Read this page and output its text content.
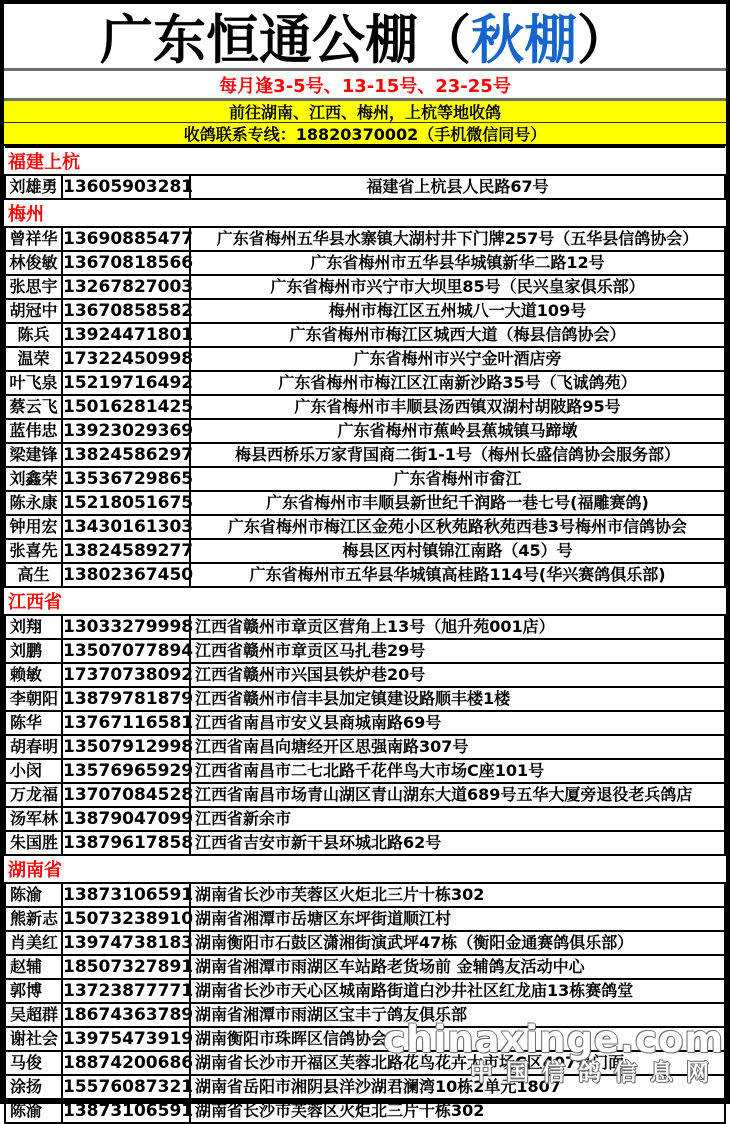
广东恒通公棚（ 秋棚 ）
每月逢3-5号、13-15号、23-25号
前往湖南、江西、梅州，上杭等地收鸽
收鸽联系专线：18820370002（手机微信同号）
福建上杭		
刘雄勇	13605903281	福建省上杭县人民路67号
梅州		
曾祥华	13690885477	广东省梅州五华县水寨镇大湖村井下门牌257号（五华县信鸽协会）
林俊敏	13670818566	广东省梅州市五华县华城镇新华二路12号
张思宇	13267827003	广东省梅州市兴宁市大坝里85号（民兴皇家俱乐部）
胡冠中	13670858582	梅州市梅江区五州城八一大道109号
陈兵	13924471801	广东省梅州市梅江区城西大道（梅县信鸽协会）
温荣	17322450998	广东省梅州市兴宁金叶酒店旁
叶飞泉	15219716492	广东省梅州市梅江区江南新沙路35号（飞诚鸽苑）
蔡云飞	15016281425	广东省梅州市丰顺县汤西镇双湖村胡陂路95号
蓝伟忠	13923029369	广东省梅州市蕉岭县蕉城镇马蹄墩
梁建锋	13824586297	梅县西桥乐万家背国商二街1-1号（梅州长盛信鸽协会服务部）
刘鑫荣	13536729865	广东省梅州市畲江
陈永康	15218051675	广东省梅州市丰顺县新世纪千润路一巷七号(福雕赛鸽)
钟用宏	13430161303	广东省梅州市梅江区金苑小区秋苑路秋苑西巷3号梅州市信鸽协会
张喜先	13824589277	梅县区丙村镇锦江南路（45）号
高生	13802367450	广东省梅州市五华县华城镇高桂路114号(华兴赛鸽俱乐部)
江西省		
刘翔	13033279998	江西省赣州市章贡区营角上13号（旭升苑001店）
刘鹏	13507077894	江西省赣州市章贡区马扎巷29号
赖敏	17370738092	江西省赣州市兴国县铁炉巷20号
李朝阳	13879781879	江西省赣州市信丰县加定镇建设路顺丰楼1楼
陈华	13767116581	江西省南昌市安义县商城南路69号
胡春明	13507912998	江西省南昌向塘经开区思强南路307号
小闵	13576965929	江西省南昌市二七北路千花伴鸟大市场C座101号
万龙福	13707084528	江西省南昌市场青山湖区青山湖东大道689号五华大厦旁退役老兵鸽店
汤军林	13879047099	江西省新余市
朱国胜	13879617858	江西省吉安市新干县环城北路62号
湖南省		
陈渝	13873106591	湖南省长沙市芙蓉区火炬北三片十栋302
熊新志	15073238910	湖南省湘潭市岳塘区东坪街道顺江村
肖美红	13974738183	湖南衡阳市石鼓区潇湘街演武坪47栋（衡阳金通赛鸽俱乐部）
赵辅	18507327891	湖南省湘潭市雨湖区车站路老货场前 金辅鸽友活动中心
郭博	13723877771	湖南省长沙市天心区城南路街道白沙井社区红龙庙13栋赛鸽堂
吴超群	18674363789	湖南省湘潭市雨湖区宝丰亍鸽友俱乐部
谢社会	13975473919	湖南衡阳市珠晖区信鸽协会
马俊	18874200686	湖南省长沙市开福区芙蓉北路花鸟花卉大市场C区407号门面
涂扬	15576087321	湖南省岳阳市湘阴县洋沙湖君澜湾10栋2单元1807
陈渝	13873106591	湖南省长沙市芙蓉区火炬北三片十栋302
chinaxinge.com
中国信鸽信息网
